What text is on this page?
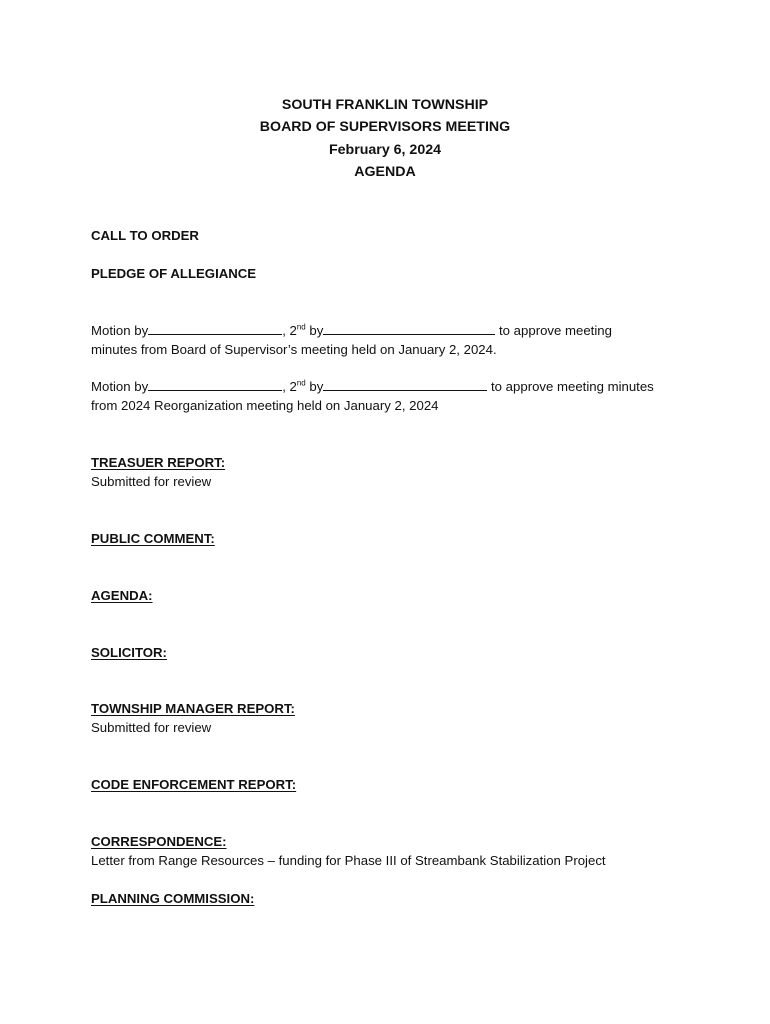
SOUTH FRANKLIN TOWNSHIP
BOARD OF SUPERVISORS MEETING
February 6, 2024
AGENDA
CALL TO ORDER
PLEDGE OF ALLEGIANCE
Motion by	, 2nd by	to approve meeting
minutes from Board of Supervisor’s meeting held on January 2, 2024.
Motion by	, 2nd by	to approve meeting minutes
from 2024 Reorganization meeting held on January 2, 2024
TREASUER REPORT:
Submitted for review
PUBLIC COMMENT:
AGENDA:
SOLICITOR:
TOWNSHIP MANAGER REPORT:
Submitted for review
CODE ENFORCEMENT REPORT:
CORRESPONDENCE:
Letter from Range Resources – funding for Phase III of Streambank Stabilization Project
PLANNING COMMISSION:
